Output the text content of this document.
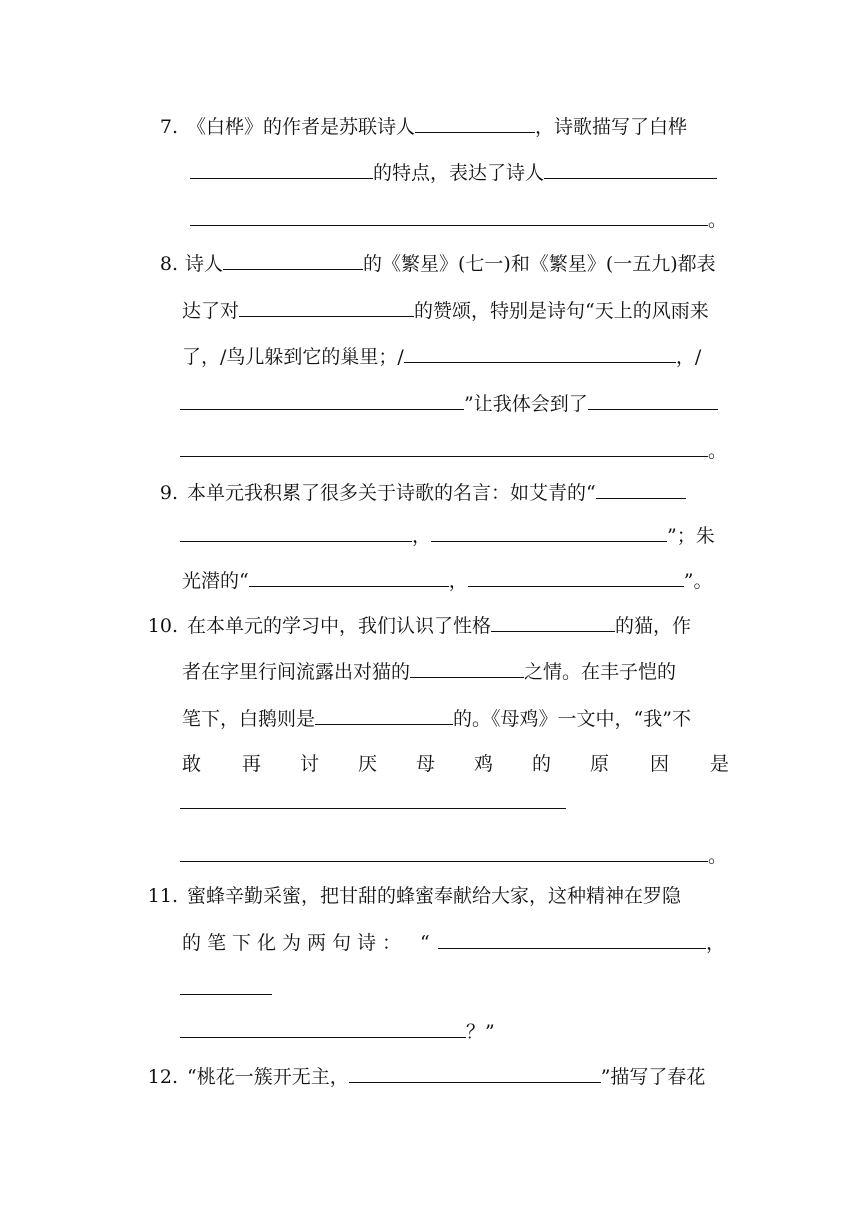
7. 《白桦》的作者是苏联诗人	，诗歌描写了白桦
的特点，表达了诗人
。
8. 诗人	的《繁星》(七一)和《繁星》(一五九)都表
达了对	的赞颂，特别是诗句“天上的风雨来
了，/鸟儿躲到它的巢里；/	，/
”让我体会到了
。
9. 本单元我积累了很多关于诗歌的名言：如艾青的“
，	”；朱
光潜的“	，	”。
10. 在本单元的学习中，我们认识了性格	的猫，作
者在字里行间流露出对猫的	之情。在丰子恺的
笔下，白鹅则是	的。《母鸡》一文中，“我”不
敢 再 讨 厌 母 鸡 的 原 因 是
。
11. 蜜蜂辛勤采蜜，把甘甜的蜂蜜奉献给大家，这种精神在罗隐
的 笔 下 化 为 两 句 诗 ： “	，
？”
12. “桃花一簇开无主，	”描写了春花
